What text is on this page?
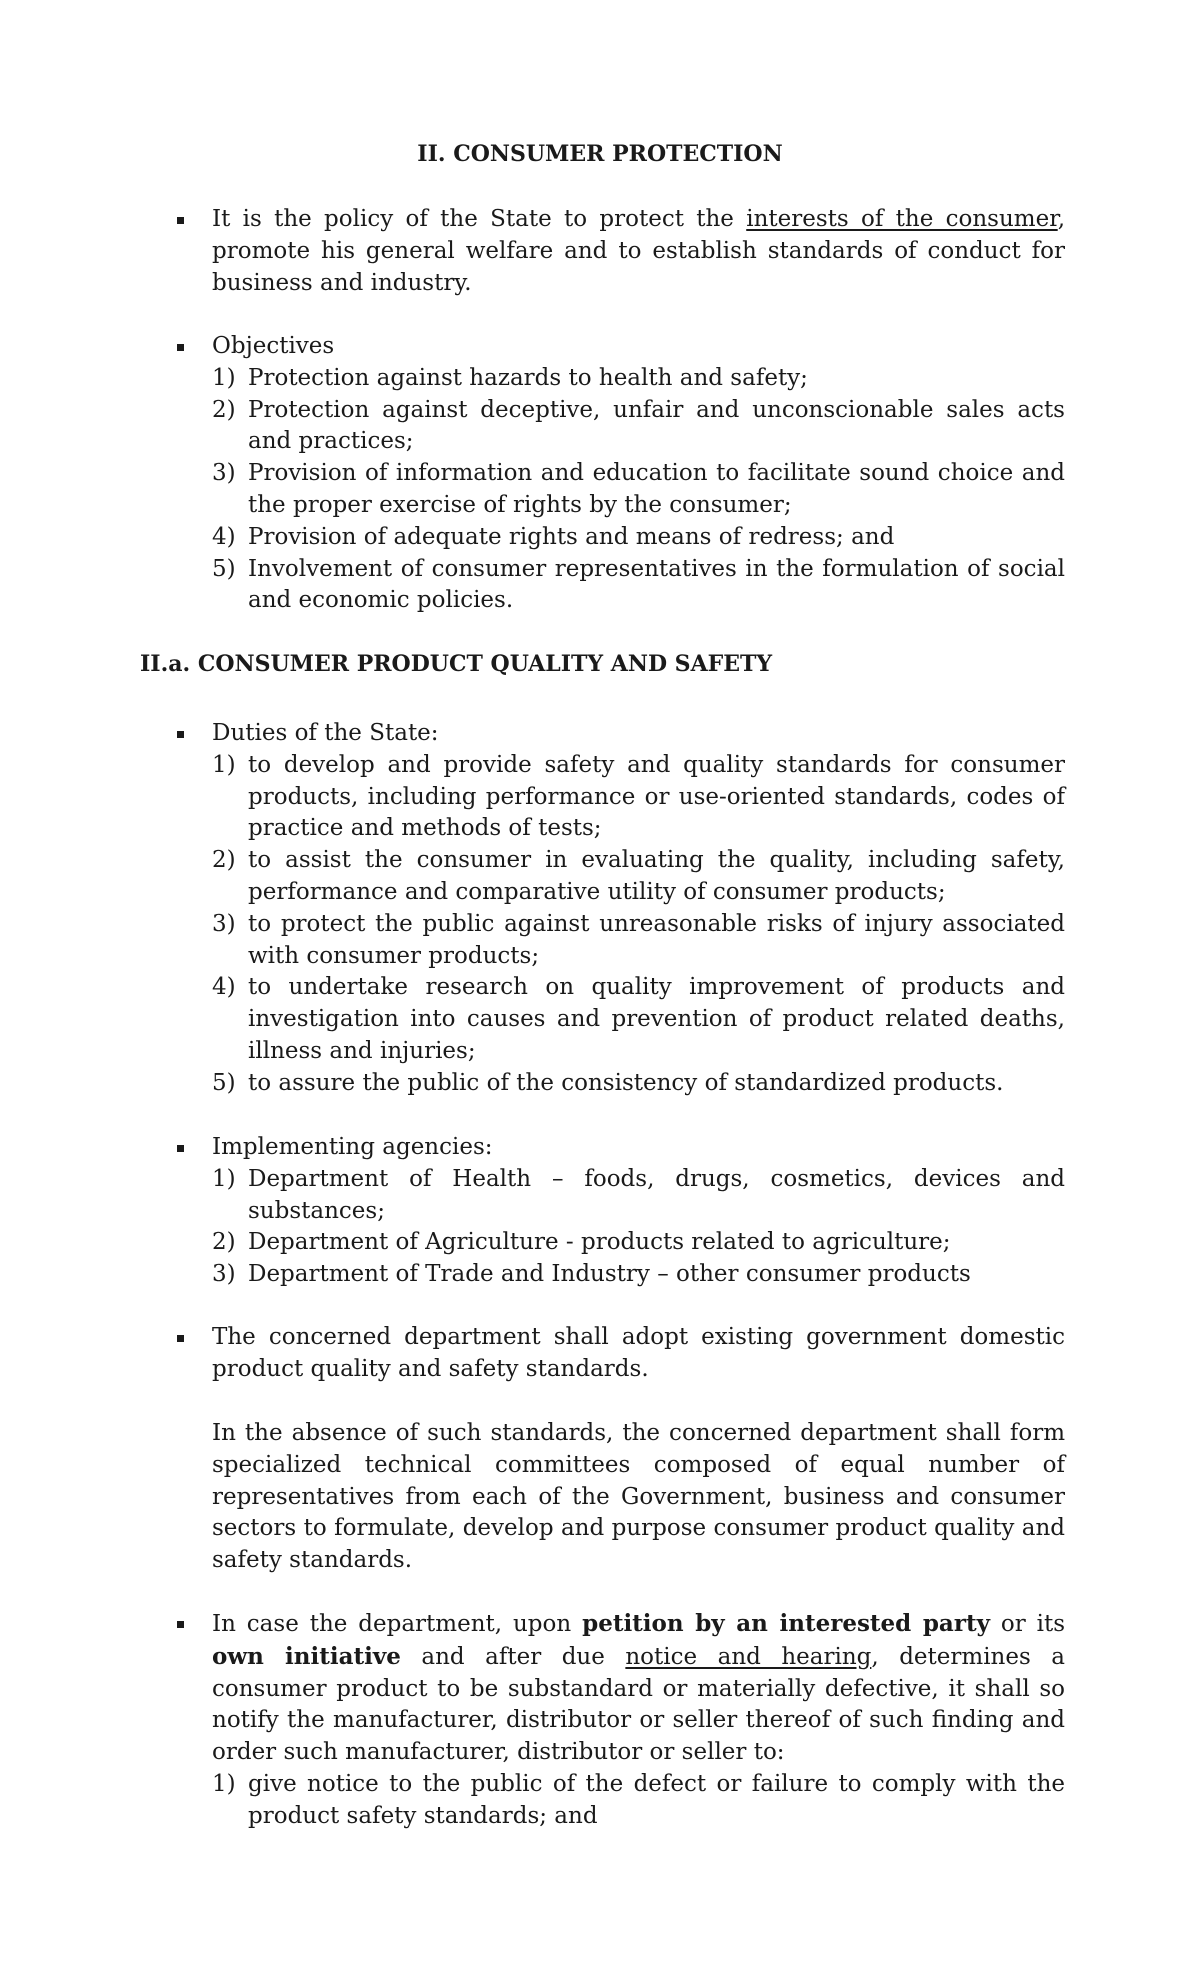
II. CONSUMER PROTECTION

It is the policy of the State to protect the interests of the consumer, promote his general welfare and to establish standards of conduct for business and industry.

Objectives

1) Protection against hazards to health and safety;
2) Protection against deceptive, unfair and unconscionable sales acts and practices;
3) Provision of information and education to facilitate sound choice and the proper exercise of rights by the consumer;
4) Provision of adequate rights and means of redress; and
5) Involvement of consumer representatives in the formulation of social and economic policies.
II.a. CONSUMER PRODUCT QUALITY AND SAFETY

Duties of the State:

1) to develop and provide safety and quality standards for consumer products, including performance or use-oriented standards, codes of practice and methods of tests;
2) to assist the consumer in evaluating the quality, including safety, performance and comparative utility of consumer products;
3) to protect the public against unreasonable risks of injury associated with consumer products;
4) to undertake research on quality improvement of products and investigation into causes and prevention of product related deaths, illness and injuries;
5) to assure the public of the consistency of standardized products.

Implementing agencies:

1) Department of Health – foods, drugs, cosmetics, devices and substances;
2) Department of Agriculture - products related to agriculture;
3) Department of Trade and Industry – other consumer products

The concerned department shall adopt existing government domestic product quality and safety standards.

In the absence of such standards, the concerned department shall form specialized technical committees composed of equal number of representatives from each of the Government, business and consumer sectors to formulate, develop and purpose consumer product quality and safety standards.

In case the department, upon petition by an interested party or its own initiative and after due notice and hearing, determines a consumer product to be substandard or materially defective, it shall so notify the manufacturer, distributor or seller thereof of such finding and order such manufacturer, distributor or seller to:

1) give notice to the public of the defect or failure to comply with the product safety standards; and
